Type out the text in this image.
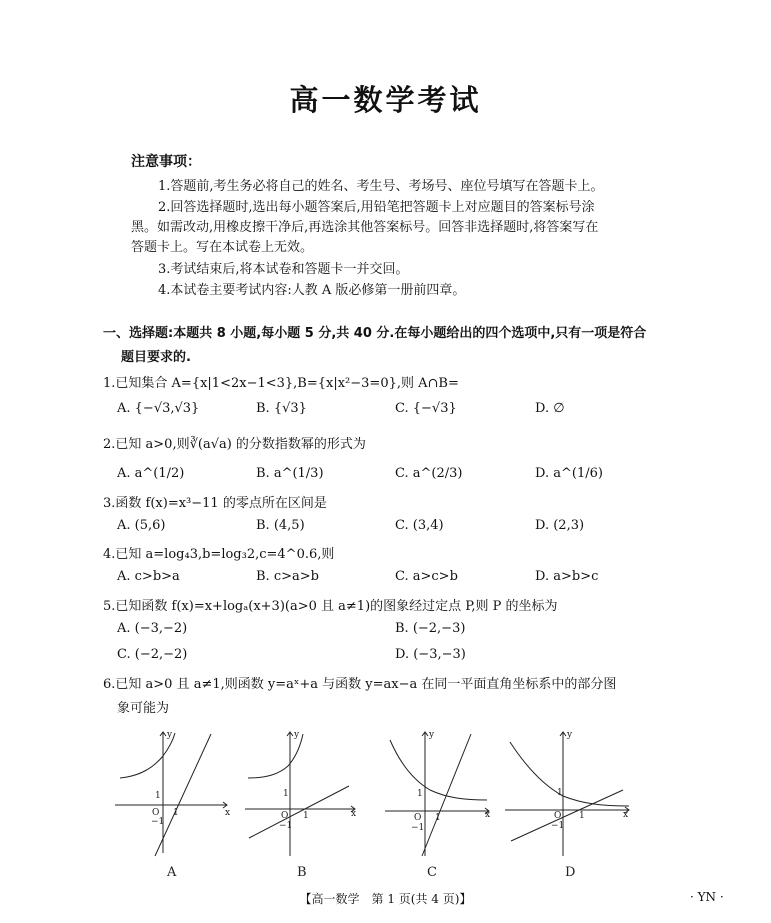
高一数学考试
注意事项：
1.答题前,考生务必将自己的姓名、考生号、考场号、座位号填写在答题卡上。
2.回答选择题时,选出每小题答案后,用铅笔把答题卡上对应题目的答案标号涂
黑。如需改动,用橡皮擦干净后,再选涂其他答案标号。回答非选择题时,将答案写在
答题卡上。写在本试卷上无效。
3.考试结束后,将本试卷和答题卡一并交回。
4.本试卷主要考试内容:人教 A 版必修第一册前四章。
一、选择题:本题共 8 小题,每小题 5 分,共 40 分.在每小题给出的四个选项中,只有一项是符合
题目要求的.
1.已知集合 A={x|1<2x−1<3},B={x|x²−3=0},则 A∩B=
A. {−√3,√3}	B. {√3}	C. {−√3}	D. ∅
2.已知 a>0,则∛(a√a) 的分数指数幂的形式为
A. a^(1/2)	B. a^(1/3)	C. a^(2/3)	D. a^(1/6)
3.函数 f(x)=x³−11 的零点所在区间是
A. (5,6)	B. (4,5)	C. (3,4)	D. (2,3)
4.已知 a=log₄3,b=log₃2,c=4^0.6,则
A. c>b>a	B. c>a>b	C. a>c>b	D. a>b>c
5.已知函数 f(x)=x+logₐ(x+3)(a>0 且 a≠1)的图象经过定点 P,则 P 的坐标为
A. (−3,−2)	B. (−2,−3)
C. (−2,−2)	D. (−3,−3)
6.已知 a>0 且 a≠1,则函数 y=aˣ+a 与函数 y=ax−a 在同一平面直角坐标系中的部分图
象可能为
y
x
O
1
1
−1
A
y
x
O
1
1
−1
B
y
x
O
1
1
−1
C
y
x
O
1
1
−1
D
【高一数学　第 1 页(共 4 页)】	· YN ·
